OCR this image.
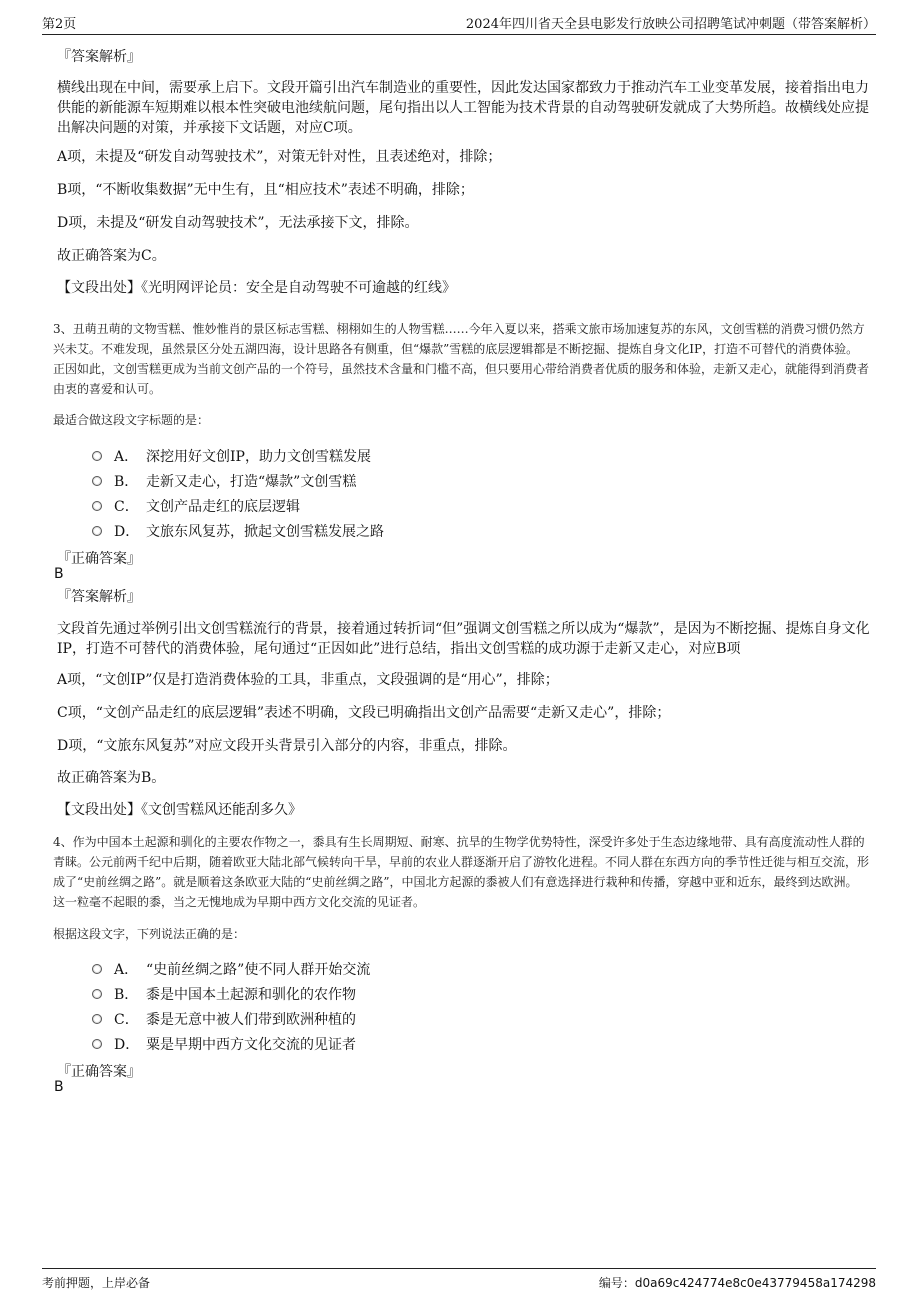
第2页	2024年四川省天全县电影发行放映公司招聘笔试冲刺题（带答案解析）
『答案解析』
横线出现在中间，需要承上启下。文段开篇引出汽车制造业的重要性，因此发达国家都致力于推动汽车工业变革发展，接着指出电力供能的新能源车短期难以根本性突破电池续航问题，尾句指出以人工智能为技术背景的自动驾驶研发就成了大势所趋。故横线处应提出解决问题的对策，并承接下文话题，对应C项。
A项，未提及“研发自动驾驶技术”，对策无针对性，且表述绝对，排除；
B项，“不断收集数据”无中生有，且“相应技术”表述不明确，排除；
D项，未提及“研发自动驾驶技术”，无法承接下文，排除。
故正确答案为C。
【文段出处】《光明网评论员：安全是自动驾驶不可逾越的红线》
3、丑萌丑萌的文物雪糕、惟妙惟肖的景区标志雪糕、栩栩如生的人物雪糕……今年入夏以来，搭乘文旅市场加速复苏的东风，文创雪糕的消费习惯仍然方兴未艾。不难发现，虽然景区分处五湖四海，设计思路各有侧重，但“爆款”雪糕的底层逻辑都是不断挖掘、提炼自身文化IP，打造不可替代的消费体验。正因如此，文创雪糕更成为当前文创产品的一个符号，虽然技术含量和门槛不高，但只要用心带给消费者优质的服务和体验，走新又走心，就能得到消费者由衷的喜爱和认可。
最适合做这段文字标题的是：
A． 深挖用好文创IP，助力文创雪糕发展
B． 走新又走心，打造“爆款”文创雪糕
C． 文创产品走红的底层逻辑
D． 文旅东风复苏，掀起文创雪糕发展之路
『正确答案』
B
『答案解析』
文段首先通过举例引出文创雪糕流行的背景，接着通过转折词“但”强调文创雪糕之所以成为“爆款”，是因为不断挖掘、提炼自身文化IP，打造不可替代的消费体验，尾句通过“正因如此”进行总结，指出文创雪糕的成功源于走新又走心，对应B项
A项，“文创IP”仅是打造消费体验的工具，非重点，文段强调的是“用心”，排除；
C项，“文创产品走红的底层逻辑”表述不明确，文段已明确指出文创产品需要“走新又走心”，排除；
D项，“文旅东风复苏”对应文段开头背景引入部分的内容，非重点，排除。
故正确答案为B。
【文段出处】《文创雪糕风还能刮多久》
4、作为中国本土起源和驯化的主要农作物之一，黍具有生长周期短、耐寒、抗旱的生物学优势特性，深受许多处于生态边缘地带、具有高度流动性人群的青睐。公元前两千纪中后期，随着欧亚大陆北部气候转向干旱，早前的农业人群逐渐开启了游牧化进程。不同人群在东西方向的季节性迁徙与相互交流，形成了“史前丝绸之路”。就是顺着这条欧亚大陆的“史前丝绸之路”，中国北方起源的黍被人们有意选择进行栽种和传播，穿越中亚和近东，最终到达欧洲。这一粒毫不起眼的黍，当之无愧地成为早期中西方文化交流的见证者。
根据这段文字，下列说法正确的是：
A． “史前丝绸之路”使不同人群开始交流
B． 黍是中国本土起源和驯化的农作物
C． 黍是无意中被人们带到欧洲种植的
D． 粟是早期中西方文化交流的见证者
『正确答案』
B
考前押题，上岸必备	编号：d0a69c424774e8c0e43779458a174298
